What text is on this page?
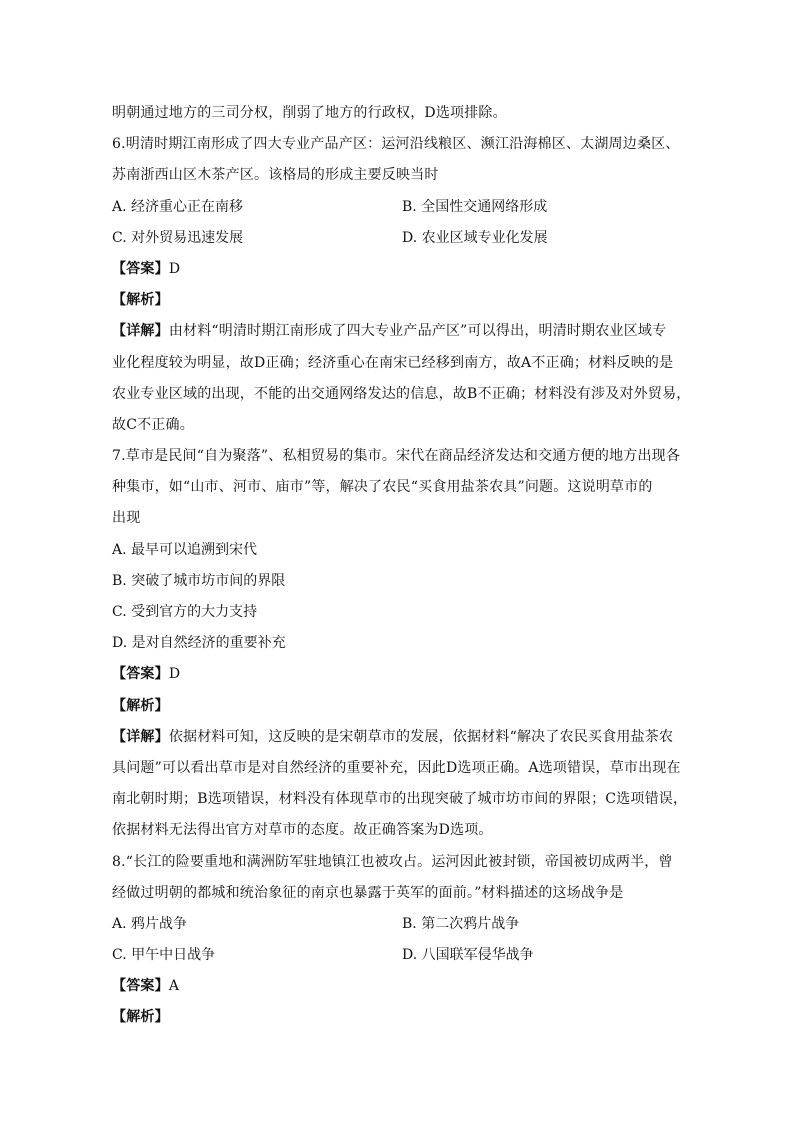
明朝通过地方的三司分权，削弱了地方的行政权，D选项排除。
6.明清时期江南形成了四大专业产品产区：运河沿线粮区、濒江沿海棉区、太湖周边桑区、
苏南浙西山区木茶产区。该格局的形成主要反映当时
A. 经济重心正在南移	B. 全国性交通网络形成
C. 对外贸易迅速发展	D. 农业区域专业化发展
【答案】D
【解析】
【详解】由材料“明清时期江南形成了四大专业产品产区”可以得出，明清时期农业区域专
业化程度较为明显，故D正确；经济重心在南宋已经移到南方，故A不正确；材料反映的是
农业专业区域的出现，不能的出交通网络发达的信息，故B不正确；材料没有涉及对外贸易，
故C不正确。
7.草市是民间“自为聚落”、私相贸易的集市。宋代在商品经济发达和交通方便的地方出现各
种集市，如“山市、河市、庙市”等，解决了农民“买食用盐茶农具”问题。这说明草市的
出现
A. 最早可以追溯到宋代
B. 突破了城市坊市间的界限
C. 受到官方的大力支持
D. 是对自然经济的重要补充
【答案】D
【解析】
【详解】依据材料可知，这反映的是宋朝草市的发展，依据材料“解决了农民买食用盐茶农
具问题”可以看出草市是对自然经济的重要补充，因此D选项正确。A选项错误，草市出现在
南北朝时期；B选项错误，材料没有体现草市的出现突破了城市坊市间的界限；C选项错误，
依据材料无法得出官方对草市的态度。故正确答案为D选项。
8.“长江的险要重地和满洲防军驻地镇江也被攻占。运河因此被封锁，帝国被切成两半，曾
经做过明朝的都城和统治象征的南京也暴露于英军的面前。”材料描述的这场战争是
A. 鸦片战争	B. 第二次鸦片战争
C. 甲午中日战争	D. 八国联军侵华战争
【答案】A
【解析】
